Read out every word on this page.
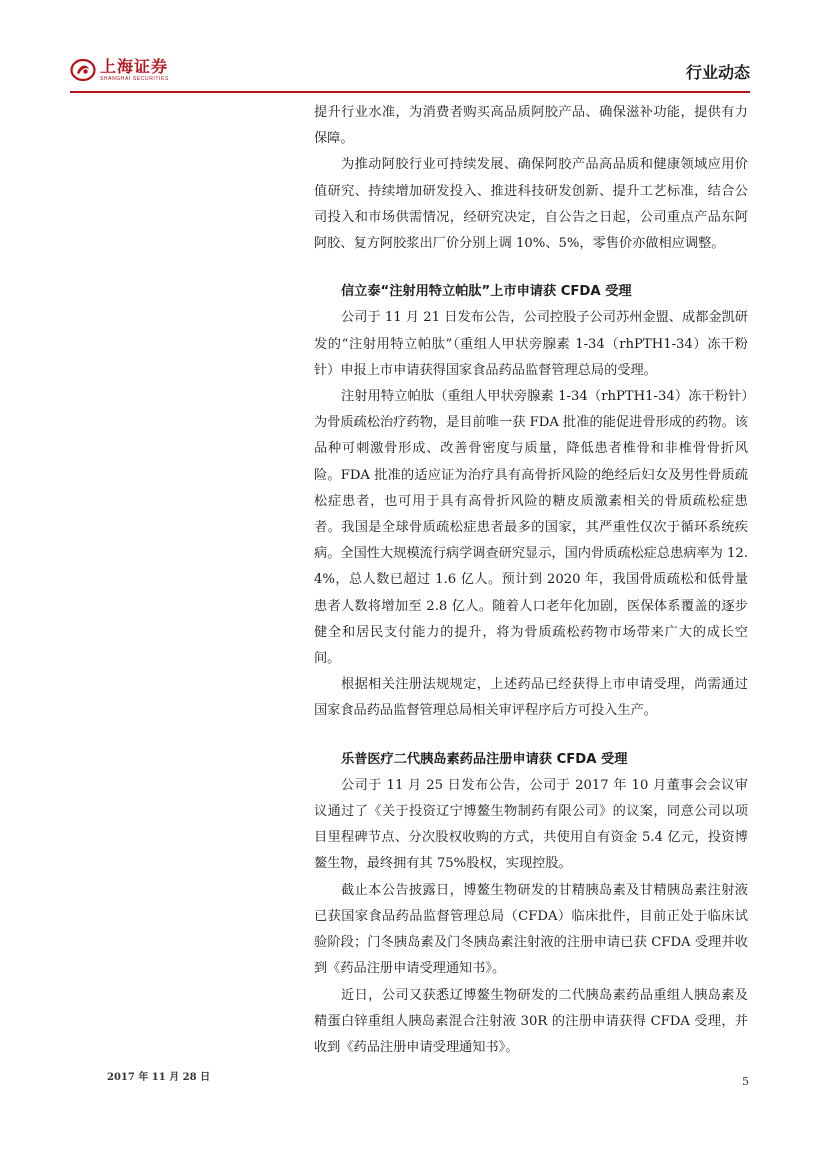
上海证券
SHANGHAI SECURITIES	行业动态

提升行业水准，为消费者购买高品质阿胶产品、确保滋补功能，提供有力保障。

为推动阿胶行业可持续发展、确保阿胶产品高品质和健康领域应用价值研究、持续增加研发投入、推进科技研发创新、提升工艺标准，结合公司投入和市场供需情况，经研究决定，自公告之日起，公司重点产品东阿阿胶、复方阿胶浆出厂价分别上调 10%、5%，零售价亦做相应调整。

信立泰“注射用特立帕肽”上市申请获 CFDA 受理

公司于 11 月 21 日发布公告，公司控股子公司苏州金盟、成都金凯研发的“注射用特立帕肽”（重组人甲状旁腺素 1-34（rhPTH1-34）冻干粉针）申报上市申请获得国家食品药品监督管理总局的受理。

注射用特立帕肽（重组人甲状旁腺素 1-34（rhPTH1-34）冻干粉针）为骨质疏松治疗药物，是目前唯一获 FDA 批准的能促进骨形成的药物。该品种可刺激骨形成、改善骨密度与质量，降低患者椎骨和非椎骨骨折风险。FDA 批准的适应证为治疗具有高骨折风险的绝经后妇女及男性骨质疏松症患者，也可用于具有高骨折风险的糖皮质激素相关的骨质疏松症患者。我国是全球骨质疏松症患者最多的国家，其严重性仅次于循环系统疾病。全国性大规模流行病学调查研究显示，国内骨质疏松症总患病率为 12.4%，总人数已超过 1.6 亿人。预计到 2020 年，我国骨质疏松和低骨量患者人数将增加至 2.8 亿人。随着人口老年化加剧，医保体系覆盖的逐步健全和居民支付能力的提升，将为骨质疏松药物市场带来广大的成长空间。

根据相关注册法规规定，上述药品已经获得上市申请受理，尚需通过国家食品药品监督管理总局相关审评程序后方可投入生产。

乐普医疗二代胰岛素药品注册申请获 CFDA 受理

公司于 11 月 25 日发布公告，公司于 2017 年 10 月董事会会议审议通过了《关于投资辽宁博鳌生物制药有限公司》的议案，同意公司以项目里程碑节点、分次股权收购的方式，共使用自有资金 5.4 亿元，投资博鳌生物，最终拥有其 75%股权，实现控股。

截止本公告披露日，博鳌生物研发的甘精胰岛素及甘精胰岛素注射液已获国家食品药品监督管理总局（CFDA）临床批件，目前正处于临床试验阶段；门冬胰岛素及门冬胰岛素注射液的注册申请已获 CFDA 受理并收到《药品注册申请受理通知书》。

近日，公司又获悉辽博鳌生物研发的二代胰岛素药品重组人胰岛素及精蛋白锌重组人胰岛素混合注射液 30R 的注册申请获得 CFDA 受理，并收到《药品注册申请受理通知书》。

2017 年 11 月 28 日	5
